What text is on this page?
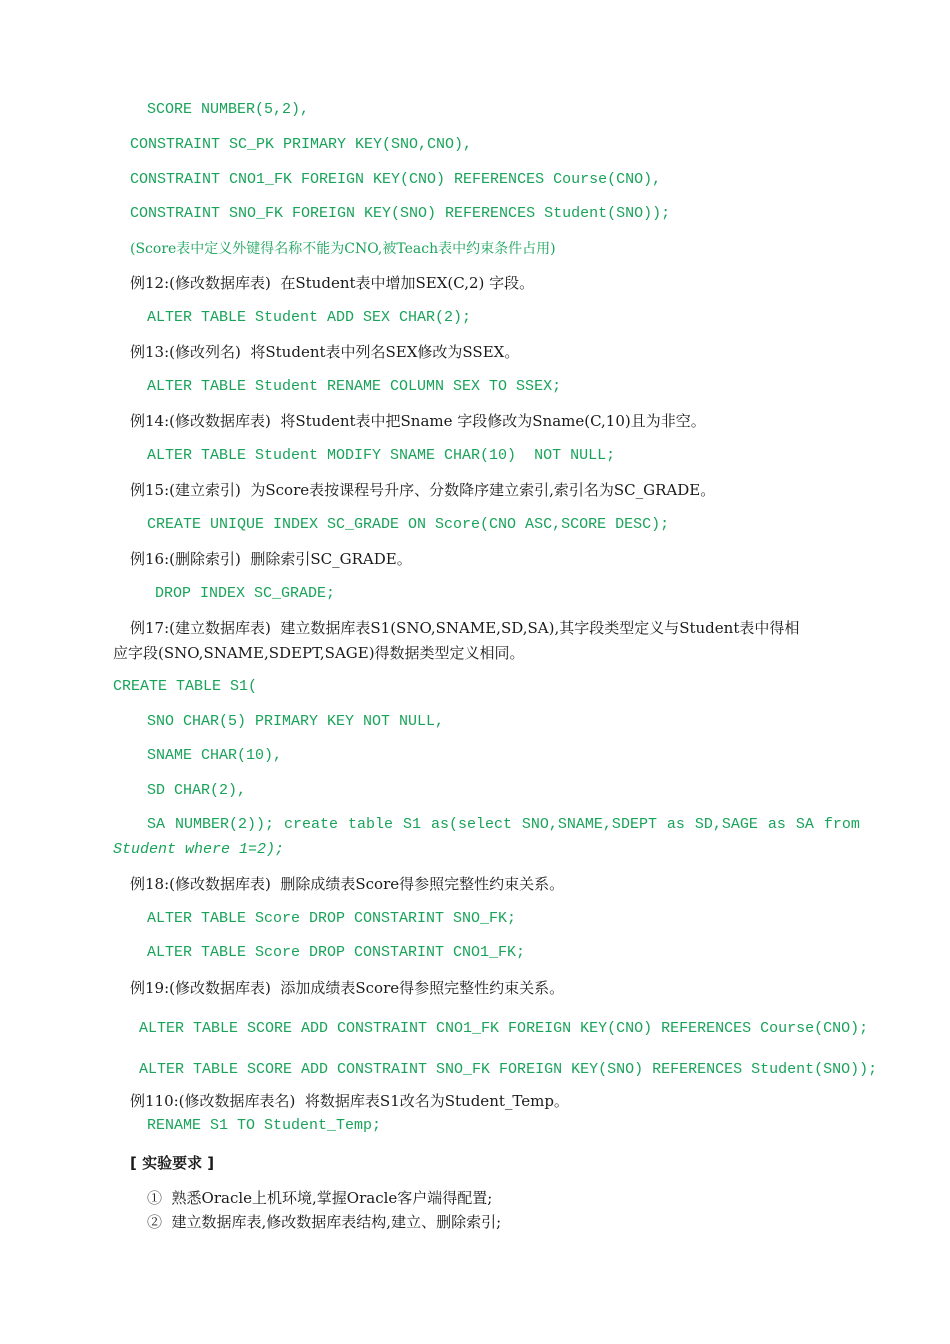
SCORE NUMBER(5,2),
CONSTRAINT SC_PK PRIMARY KEY(SNO,CNO),
CONSTRAINT CNO1_FK FOREIGN KEY(CNO) REFERENCES Course(CNO),
CONSTRAINT SNO_FK FOREIGN KEY(SNO) REFERENCES Student(SNO));
(Score表中定义外键得名称不能为CNO,被Teach表中约束条件占用)
例12:(修改数据库表)  在Student表中增加SEX(C,2) 字段。
ALTER TABLE Student ADD SEX CHAR(2);
例13:(修改列名)  将Student表中列名SEX修改为SSEX。
ALTER TABLE Student RENAME COLUMN SEX TO SSEX;
例14:(修改数据库表)  将Student表中把Sname 字段修改为Sname(C,10)且为非空。
ALTER TABLE Student MODIFY SNAME CHAR(10)  NOT NULL;
例15:(建立索引)  为Score表按课程号升序、分数降序建立索引,索引名为SC_GRADE。
CREATE UNIQUE INDEX SC_GRADE ON Score(CNO ASC,SCORE DESC);
例16:(删除索引)  删除索引SC_GRADE。
DROP INDEX SC_GRADE;
例17:(建立数据库表)  建立数据库表S1(SNO,SNAME,SD,SA),其字段类型定义与Student表中得相
应字段(SNO,SNAME,SDEPT,SAGE)得数据类型定义相同。
CREATE TABLE S1(
SNO CHAR(5) PRIMARY KEY NOT NULL,
SNAME CHAR(10),
SD CHAR(2),
SA NUMBER(2)); create table S1 as(select SNO,SNAME,SDEPT as SD,SAGE as SA from
Student where 1=2);
例18:(修改数据库表)  删除成绩表Score得参照完整性约束关系。
ALTER TABLE Score DROP CONSTARINT SNO_FK;
ALTER TABLE Score DROP CONSTARINT CNO1_FK;
例19:(修改数据库表)  添加成绩表Score得参照完整性约束关系。
ALTER TABLE SCORE ADD CONSTRAINT CNO1_FK FOREIGN KEY(CNO) REFERENCES Course(CNO);
ALTER TABLE SCORE ADD CONSTRAINT SNO_FK FOREIGN KEY(SNO) REFERENCES Student(SNO));
例110:(修改数据库表名)  将数据库表S1改名为Student_Temp。
RENAME S1 TO Student_Temp;
[ 实验要求 ]
①  熟悉Oracle上机环境,掌握Oracle客户端得配置;
②  建立数据库表,修改数据库表结构,建立、删除索引;
